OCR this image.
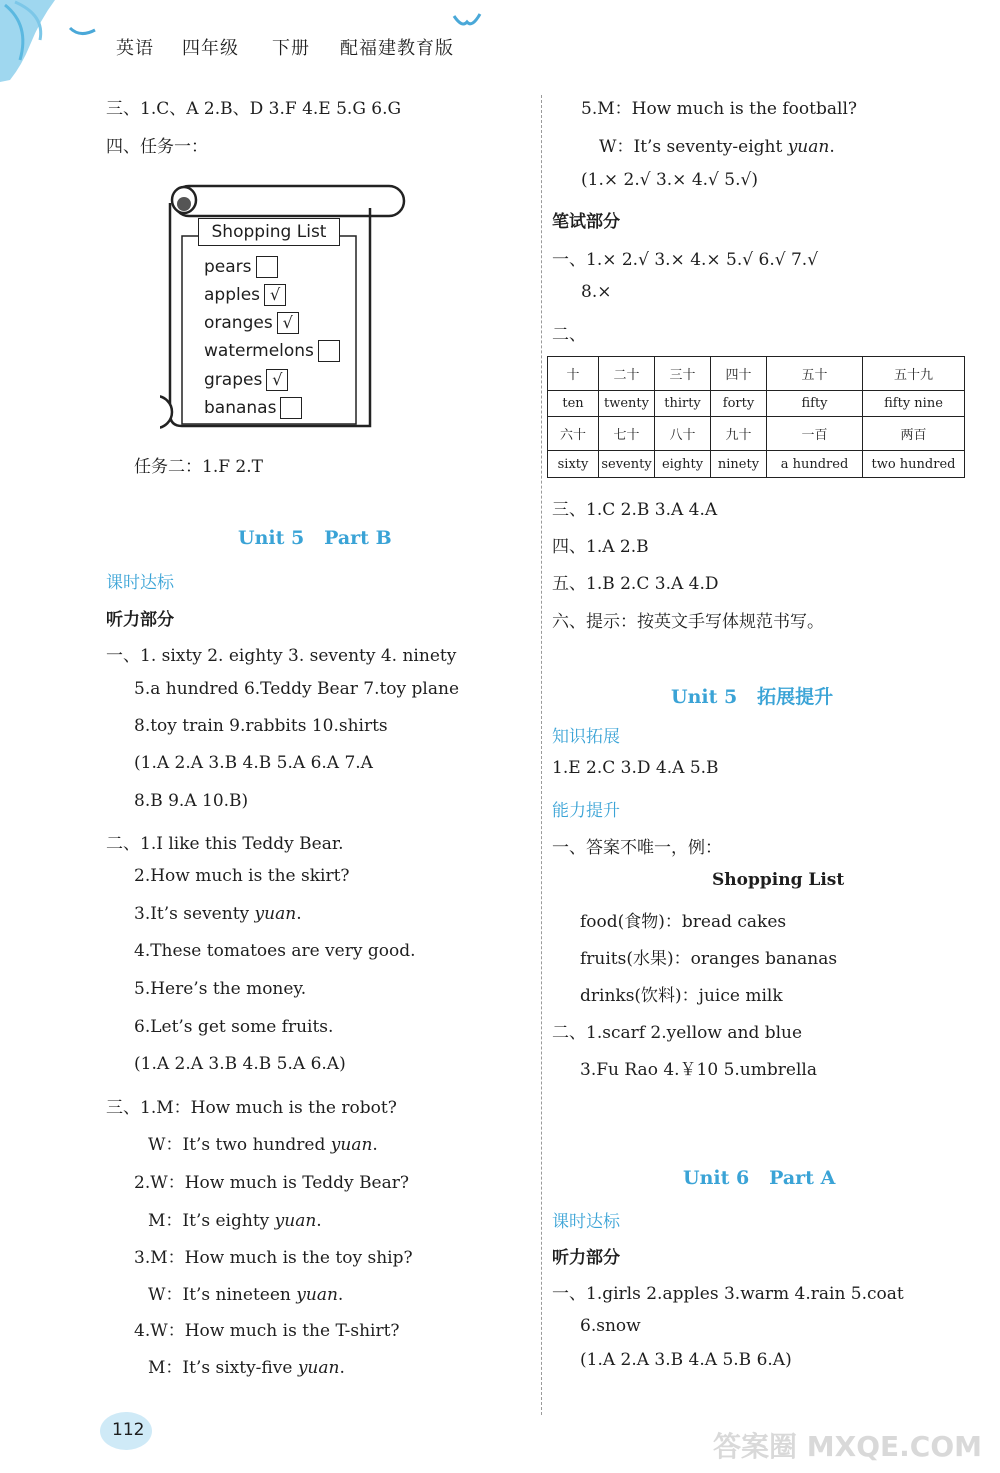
英语 四年级 下册 配福建教育版
三、1.C、A 2.B、D 3.F 4.E 5.G 6.G
四、任务一：
Shopping List
pears
apples √
oranges √
watermelons
grapes √
bananas
任务二：1.F 2.T
Unit 5 Part B
课时达标
听力部分
一、1. sixty 2. eighty 3. seventy 4. ninety
5.a hundred 6.Teddy Bear 7.toy plane
8.toy train 9.rabbits 10.shirts
(1.A 2.A 3.B 4.B 5.A 6.A 7.A
8.B 9.A 10.B)
二、1.I like this Teddy Bear.
2.How much is the skirt?
3.It’s seventy yuan.
4.These tomatoes are very good.
5.Here’s the money.
6.Let’s get some fruits.
(1.A 2.A 3.B 4.B 5.A 6.A)
三、1.M：How much is the robot?
W：It’s two hundred yuan.
2.W：How much is Teddy Bear?
M：It’s eighty yuan.
3.M：How much is the toy ship?
W：It’s nineteen yuan.
4.W：How much is the T-shirt?
M：It’s sixty-five yuan.
5.M：How much is the football?
W：It’s seventy-eight yuan.
(1.× 2.√ 3.× 4.√ 5.√)
笔试部分
一、1.× 2.√ 3.× 4.× 5.√ 6.√ 7.√
8.×
二、
十	二十	三十	四十	五十	五十九
ten	twenty	thirty	forty	fifty	fifty nine
六十	七十	八十	九十	一百	两百
sixty	seventy	eighty	ninety	a hundred	two hundred
三、1.C 2.B 3.A 4.A
四、1.A 2.B
五、1.B 2.C 3.A 4.D
六、提示：按英文手写体规范书写。
Unit 5 拓展提升
知识拓展
1.E 2.C 3.D 4.A 5.B
能力提升
一、答案不唯一，例：
Shopping List
food(食物)：bread cakes
fruits(水果)：oranges bananas
drinks(饮料)：juice milk
二、1.scarf 2.yellow and blue
3.Fu Rao 4.￥10 5.umbrella
Unit 6 Part A
课时达标
听力部分
一、1.girls 2.apples 3.warm 4.rain 5.coat
6.snow
(1.A 2.A 3.B 4.A 5.B 6.A)
112	答案圈 MXQE.COM
